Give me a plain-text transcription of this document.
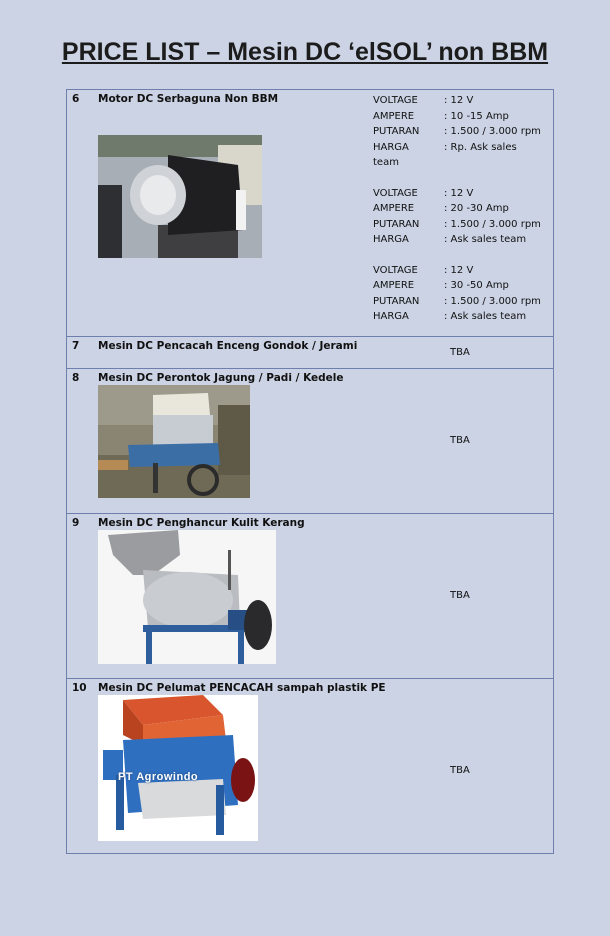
PRICE LIST – Mesin DC ‘elSOL’ non BBM
6 Motor DC Serbaguna Non BBM	VOLTAGE	: 12 V
AMPERE	: 10 -15 Amp
PUTARAN : 1.500 / 3.000 rpm
HARGA	: Rp. Ask sales
team
VOLTAGE	: 12 V
AMPERE	: 20 -30 Amp
PUTARAN : 1.500 / 3.000 rpm
HARGA	: Ask sales team
VOLTAGE	: 12 V
AMPERE	: 30 -50 Amp
PUTARAN : 1.500 / 3.000 rpm
HARGA	: Ask sales team
7 Mesin DC Pencacah Enceng Gondok / Jerami
TBA
8 Mesin DC Perontok Jagung / Padi / Kedele
TBA
9 Mesin DC Penghancur Kulit Kerang
TBA
10 Mesin DC Pelumat PENCACAH sampah plastik PE
PT Agrowindo
TBA
